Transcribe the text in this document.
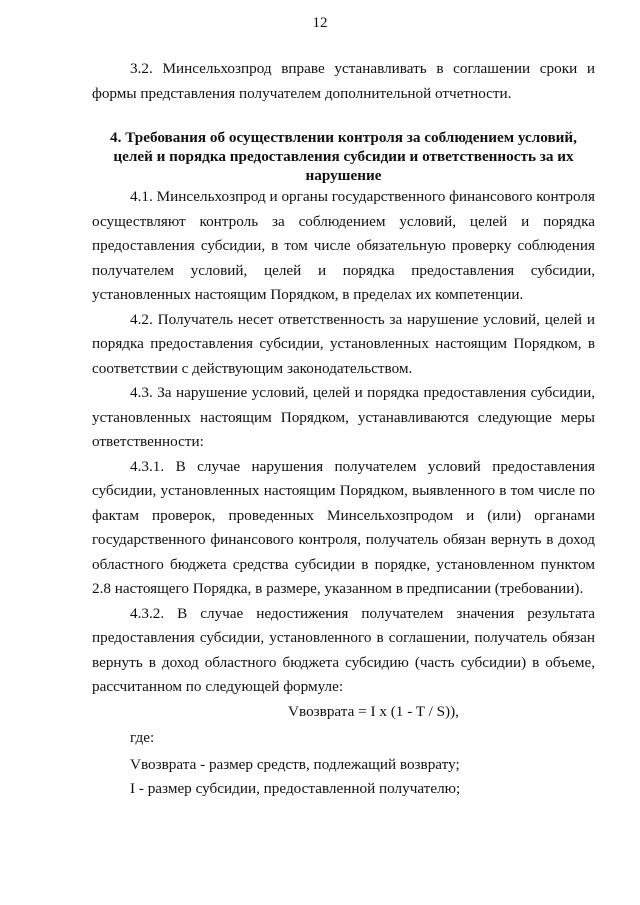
12

3.2. Минсельхозпрод вправе устанавливать в соглашении сроки и формы представления получателем дополнительной отчетности.

4. Требования об осуществлении контроля за соблюдением условий, целей и порядка предоставления субсидии и ответственность за их нарушение

4.1. Минсельхозпрод и органы государственного финансового контроля осуществляют контроль за соблюдением условий, целей и порядка предоставления субсидии, в том числе обязательную проверку соблюдения получателем условий, целей и порядка предоставления субсидии, установленных настоящим Порядком, в пределах их компетенции.

4.2. Получатель несет ответственность за нарушение условий, целей и порядка предоставления субсидии, установленных настоящим Порядком, в соответствии с действующим законодательством.

4.3. За нарушение условий, целей и порядка предоставления субсидии, установленных настоящим Порядком, устанавливаются следующие меры ответственности:

4.3.1. В случае нарушения получателем условий предоставления субсидии, установленных настоящим Порядком, выявленного в том числе по фактам проверок, проведенных Минсельхозпродом и (или) органами государственного финансового контроля, получатель обязан вернуть в доход областного бюджета средства субсидии в порядке, установленном пунктом 2.8 настоящего Порядка, в размере, указанном в предписании (требовании).

4.3.2. В случае недостижения получателем значения результата предоставления субсидии, установленного в соглашении, получатель обязан вернуть в доход областного бюджета субсидию (часть субсидии) в объеме, рассчитанном по следующей формуле:

Vвозврата = I x (1 - T / S)),

где:

Vвозврата - размер средств, подлежащий возврату;

I - размер субсидии, предоставленной получателю;
